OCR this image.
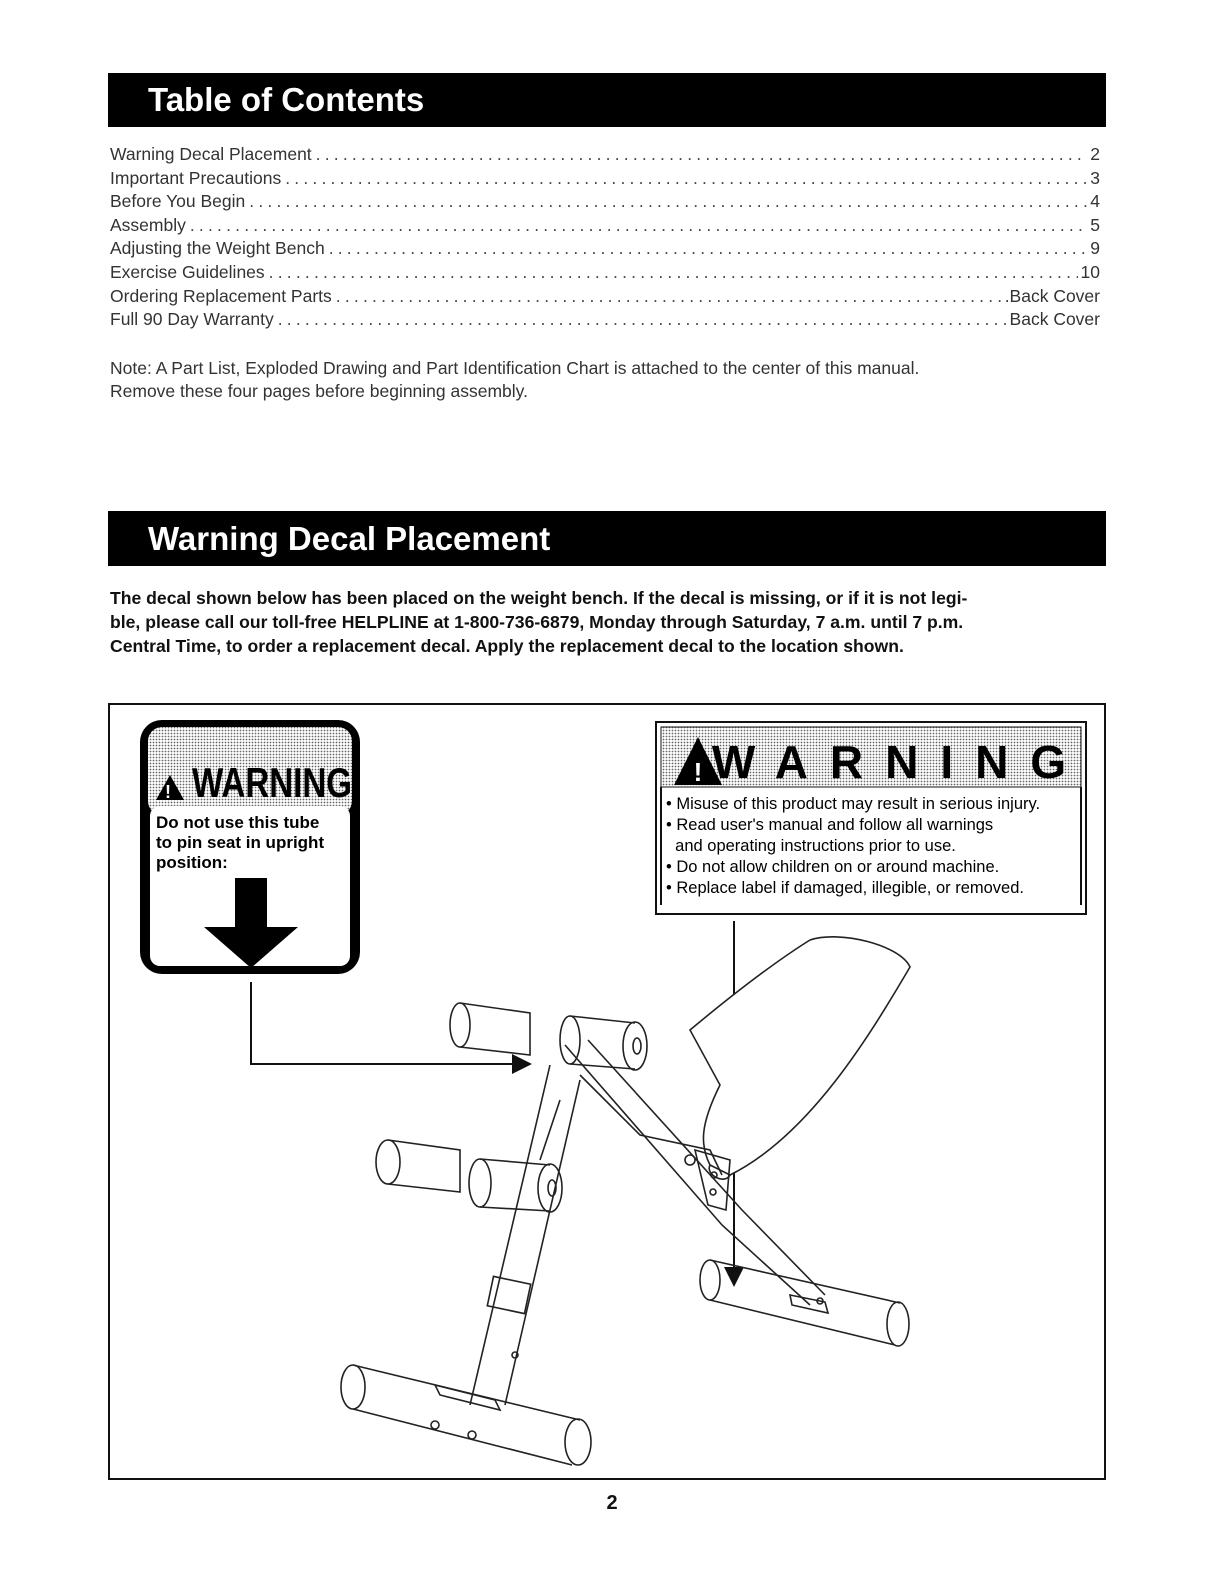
Table of Contents
Warning Decal Placement .....	2
Important Precautions .....	3
Before You Begin .....	4
Assembly .....	5
Adjusting the Weight Bench .....	9
Exercise Guidelines .....	10
Ordering Replacement Parts .....	.Back Cover
Full 90 Day Warranty .....	Back Cover
Note: A Part List, Exploded Drawing and Part Identification Chart is attached to the center of this manual.
Remove these four pages before beginning assembly.
Warning Decal Placement
The decal shown below has been placed on the weight bench. If the decal is missing, or if it is not legi-
ble, please call our toll-free HELPLINE at 1-800-736-6879, Monday through Saturday, 7 a.m. until 7 p.m.
Central Time, to order a replacement decal. Apply the replacement decal to the location shown.
! WARNING
Do not use this tube
to pin seat in upright
position:
! WARNING
• Misuse of this product may result in serious injury.
• Read user's manual and follow all warnings
and operating instructions prior to use.
• Do not allow children on or around machine.
• Replace label if damaged, illegible, or removed.
2
